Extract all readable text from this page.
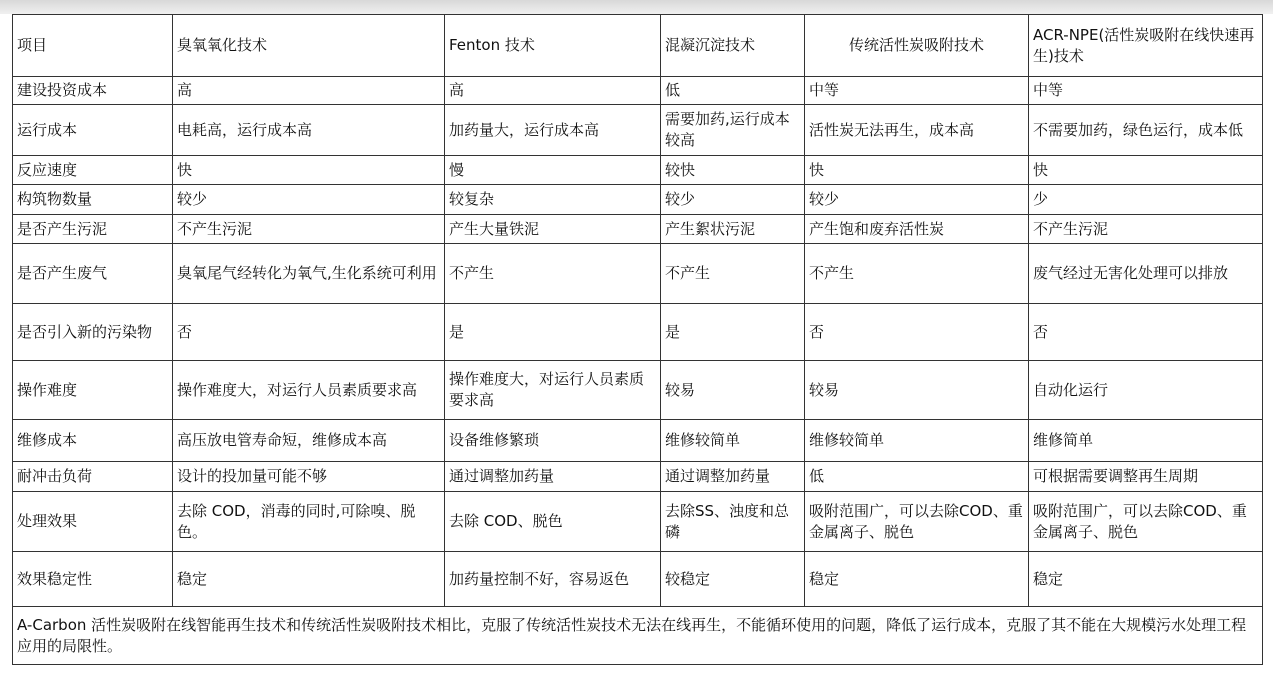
项目	臭氧氧化技术	Fenton 技术	混凝沉淀技术	传统活性炭吸附技术	ACR-NPE(活性炭吸附在线快速再生)技术
建设投资成本	高	高	低	中等	中等
运行成本	电耗高，运行成本高	加药量大，运行成本高	需要加药,运行成本较高	活性炭无法再生，成本高	不需要加药，绿色运行，成本低
反应速度	快	慢	较快	快	快
构筑物数量	较少	较复杂	较少	较少	少
是否产生污泥	不产生污泥	产生大量铁泥	产生絮状污泥	产生饱和废弃活性炭	不产生污泥
是否产生废气	臭氧尾气经转化为氧气,生化系统可利用	不产生	不产生	不产生	废气经过无害化处理可以排放
是否引入新的污染物	否	是	是	否	否
操作难度	操作难度大，对运行人员素质要求高	操作难度大，对运行人员素质要求高	较易	较易	自动化运行
维修成本	高压放电管寿命短，维修成本高	设备维修繁琐	维修较简单	维修较简单	维修简单
耐冲击负荷	设计的投加量可能不够	通过调整加药量	通过调整加药量	低	可根据需要调整再生周期
处理效果	去除 COD，消毒的同时,可除嗅、脱色。	去除 COD、脱色	去除SS、浊度和总磷	吸附范围广，可以去除COD、重金属离子、脱色	吸附范围广，可以去除COD、重金属离子、脱色
效果稳定性	稳定	加药量控制不好，容易返色	较稳定	稳定	稳定
A-Carbon 活性炭吸附在线智能再生技术和传统活性炭吸附技术相比，克服了传统活性炭技术无法在线再生，不能循环使用的问题，降低了运行成本，克服了其不能在大规模污水处理工程应用的局限性。					
